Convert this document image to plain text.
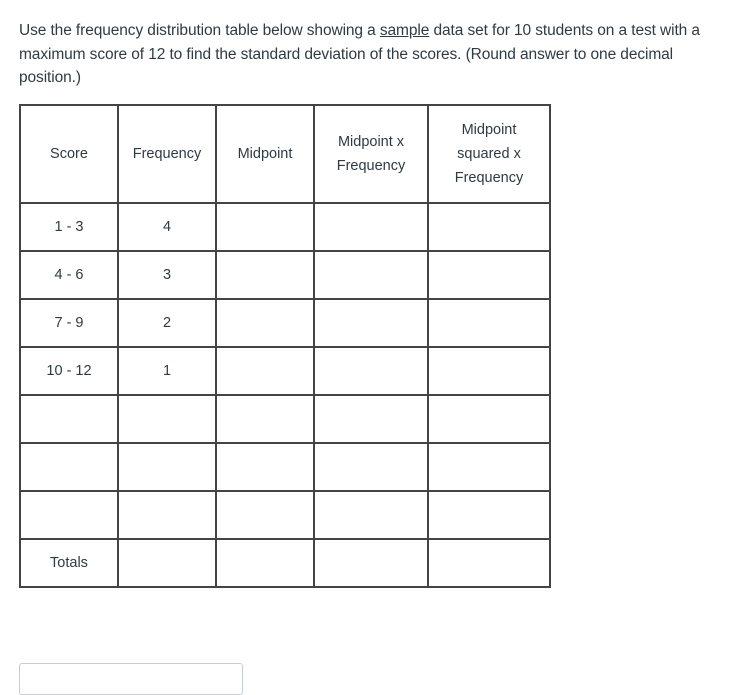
Use the frequency distribution table below showing a sample data set for 10 students on a test with a maximum score of 12 to find the standard deviation of the scores. (Round answer to one decimal position.)
Score	Frequency	Midpoint	Midpoint x Frequency	Midpoint squared x Frequency
1 - 3	4			
4 - 6	3			
7 - 9	2			
10 - 12	1			

Totals				
